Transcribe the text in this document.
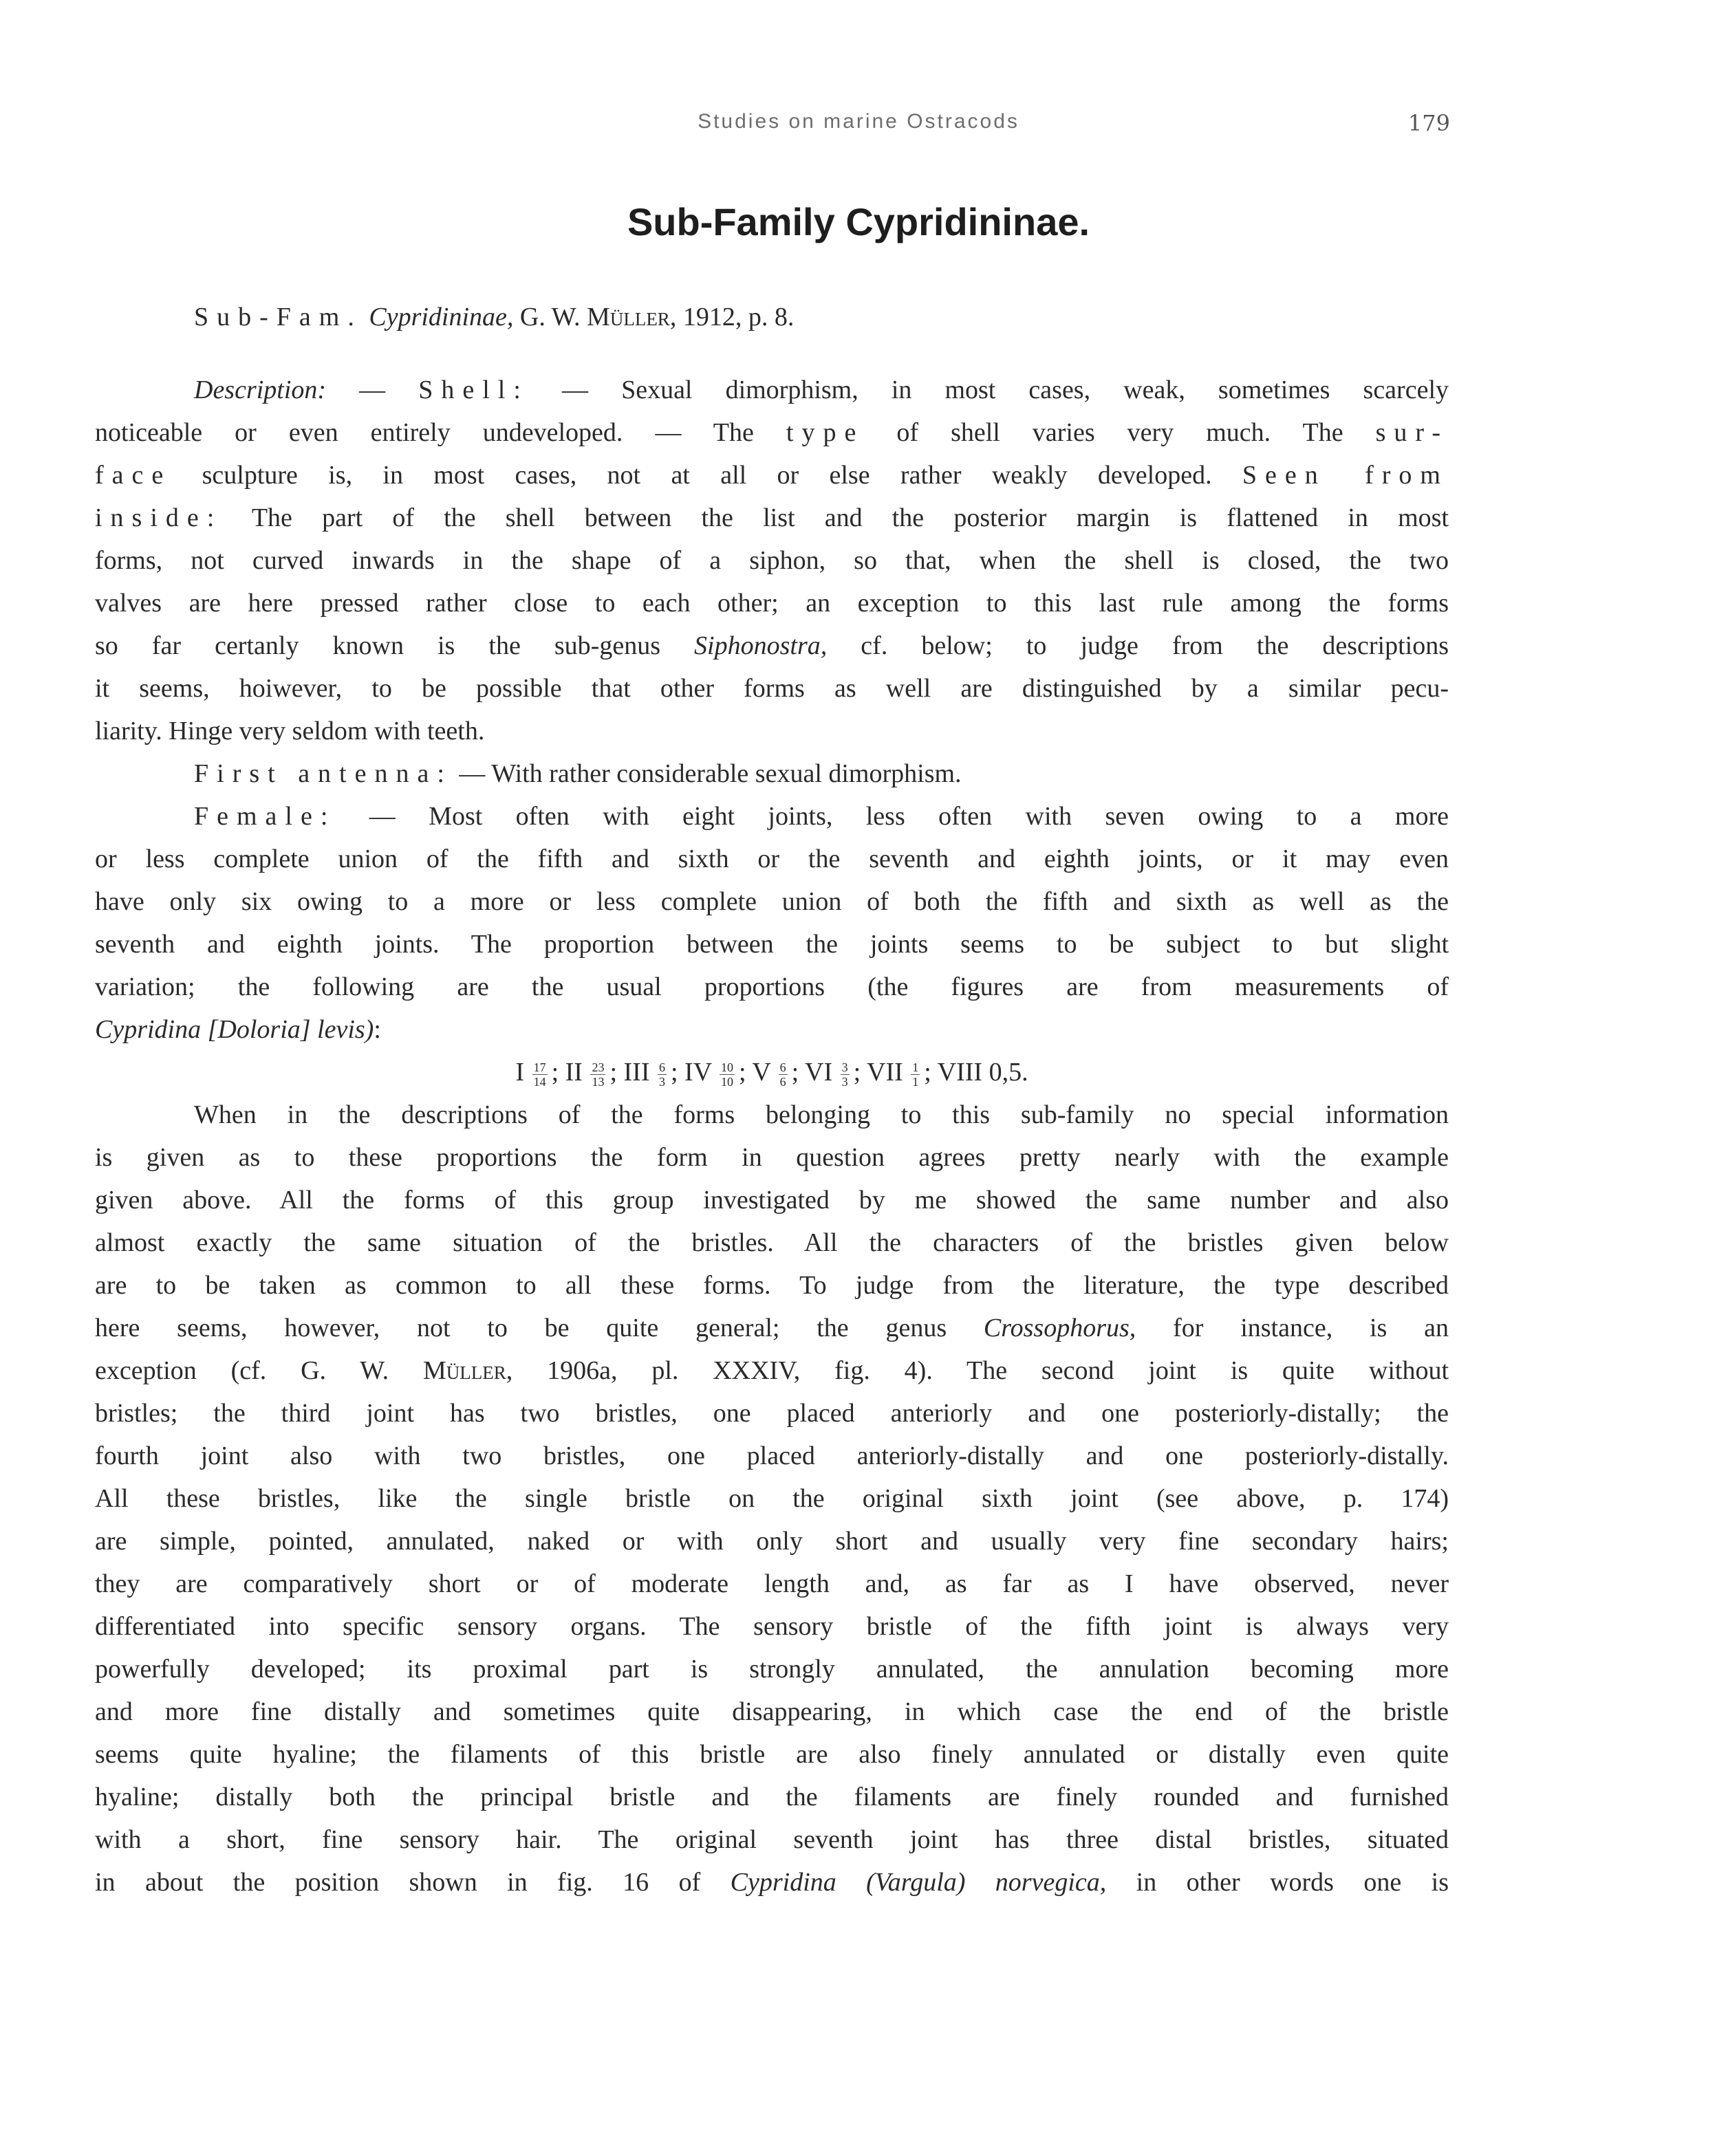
Studies on marine Ostracods	179
Sub-Family Cypridininae.

Sub-Fam. Cypridininae, G. W. Müller, 1912, p. 8.

Description: — Shell: — Sexual dimorphism, in most cases, weak, sometimes scarcely

noticeable or even entirely undeveloped. — The type of shell varies very much. The sur-

face sculpture is, in most cases, not at all or else rather weakly developed. Seen from

inside: The part of the shell between the list and the posterior margin is flattened in most

forms, not curved inwards in the shape of a siphon, so that, when the shell is closed, the two

valves are here pressed rather close to each other; an exception to this last rule among the forms

so far certanly known is the sub-genus Siphonostra, cf. below; to judge from the descriptions

it seems, hoiwever, to be possible that other forms as well are distinguished by a similar pecu-

liarity. Hinge very seldom with teeth.

First antenna: — With rather considerable sexual dimorphism.

Female: — Most often with eight joints, less often with seven owing to a more

or less complete union of the fifth and sixth or the seventh and eighth joints, or it may even

have only six owing to a more or less complete union of both the fifth and sixth as well as the

seventh and eighth joints. The proportion between the joints seems to be subject to but slight

variation; the following are the usual proportions (the figures are from measurements of

Cypridina [Doloria] levis):

I $\frac{17}{14}$ ; II $\frac{23}{13}$ ; III $\frac{6}{3}$ ; IV $\frac{10}{10}$ ; V $\frac{6}{6}$ ; VI $\frac{3}{3}$ ; VII $\frac{1}{1}$ ; VIII 0,5.

When in the descriptions of the forms belonging to this sub-family no special information

is given as to these proportions the form in question agrees pretty nearly with the example

given above. All the forms of this group investigated by me showed the same number and also

almost exactly the same situation of the bristles. All the characters of the bristles given below

are to be taken as common to all these forms. To judge from the literature, the type described

here seems, however, not to be quite general; the genus Crossophorus, for instance, is an

exception (cf. G. W. Müller, 1906a, pl. XXXIV, fig. 4). The second joint is quite without

bristles; the third joint has two bristles, one placed anteriorly and one posteriorly-distally; the

fourth joint also with two bristles, one placed anteriorly-distally and one posteriorly-distally.

All these bristles, like the single bristle on the original sixth joint (see above, p. 174)

are simple, pointed, annulated, naked or with only short and usually very fine secondary hairs;

they are comparatively short or of moderate length and, as far as I have observed, never

differentiated into specific sensory organs. The sensory bristle of the fifth joint is always very

powerfully developed; its proximal part is strongly annulated, the annulation becoming more

and more fine distally and sometimes quite disappearing, in which case the end of the bristle

seems quite hyaline; the filaments of this bristle are also finely annulated or distally even quite

hyaline; distally both the principal bristle and the filaments are finely rounded and furnished

with a short, fine sensory hair. The original seventh joint has three distal bristles, situated

in about the position shown in fig. 16 of Cypridina (Vargula) norvegica, in other words one is
